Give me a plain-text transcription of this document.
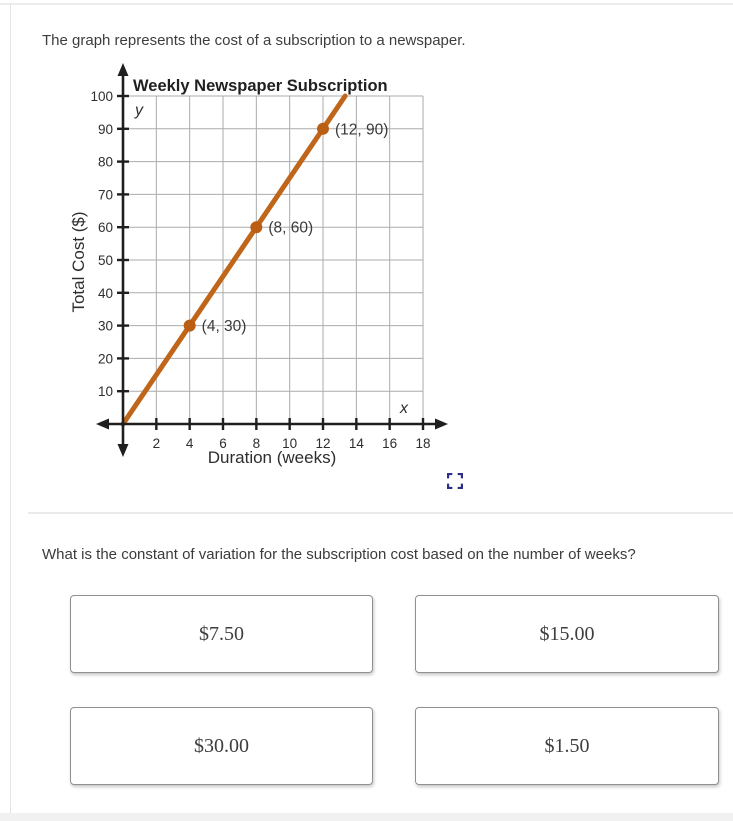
The graph represents the cost of a subscription to a newspaper.
2 4 6 8 10 12 14 16 18
10
20
30
40
50
60
70
80
90
100
(4, 30)
(8, 60)
(12, 90)
Weekly Newspaper Subscription
y
x
Duration (weeks)
Total Cost ($)
What is the constant of variation for the subscription cost based on the number of weeks?
$7.50	$15.00
$30.00	$1.50
